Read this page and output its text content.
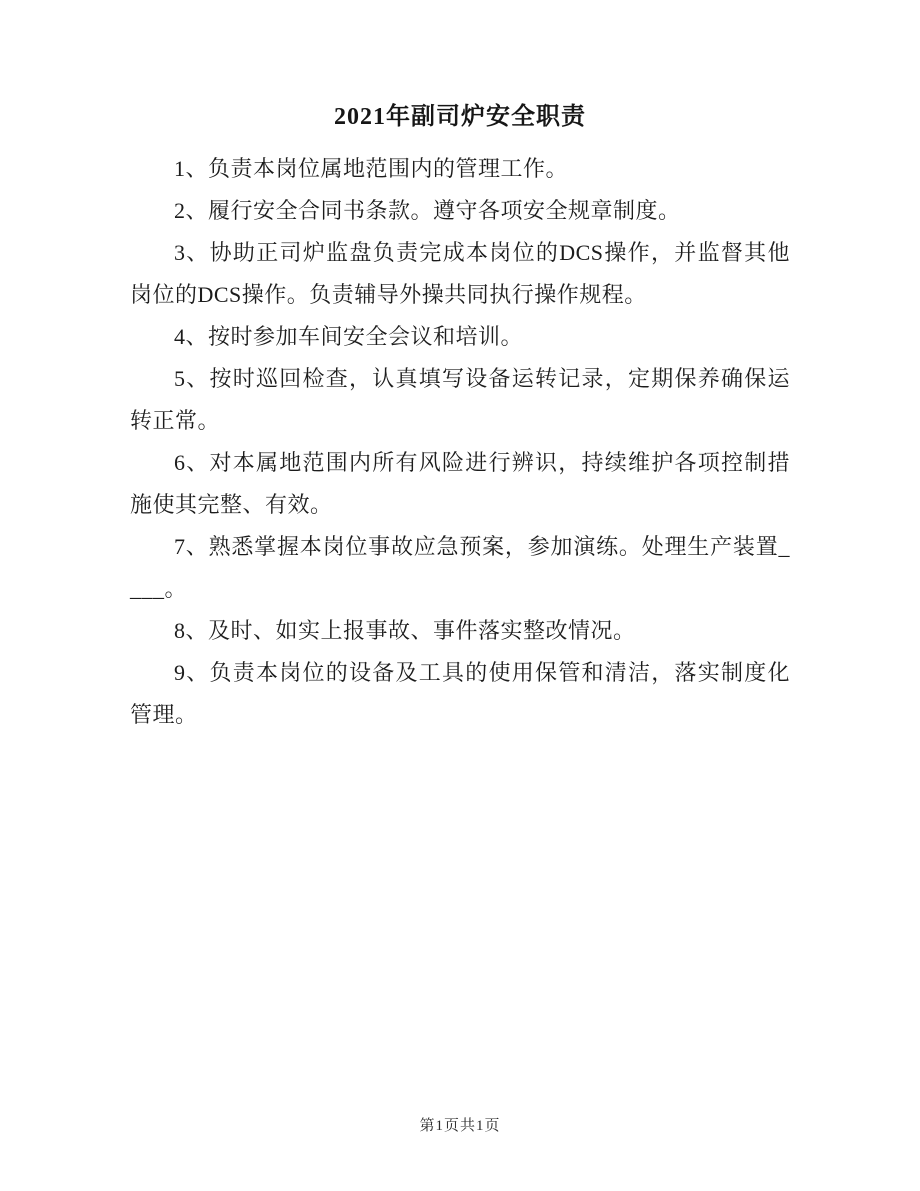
2021年副司炉安全职责

1、负责本岗位属地范围内的管理工作。

2、履行安全合同书条款。遵守各项安全规章制度。

3、协助正司炉监盘负责完成本岗位的DCS操作，并监督其他岗位的DCS操作。负责辅导外操共同执行操作规程。

4、按时参加车间安全会议和培训。

5、按时巡回检查，认真填写设备运转记录，定期保养确保运转正常。

6、对本属地范围内所有风险进行辨识，持续维护各项控制措施使其完整、有效。

7、熟悉掌握本岗位事故应急预案，参加演练。处理生产装置____。

8、及时、如实上报事故、事件落实整改情况。

9、负责本岗位的设备及工具的使用保管和清洁，落实制度化管理。

第1页共1页
